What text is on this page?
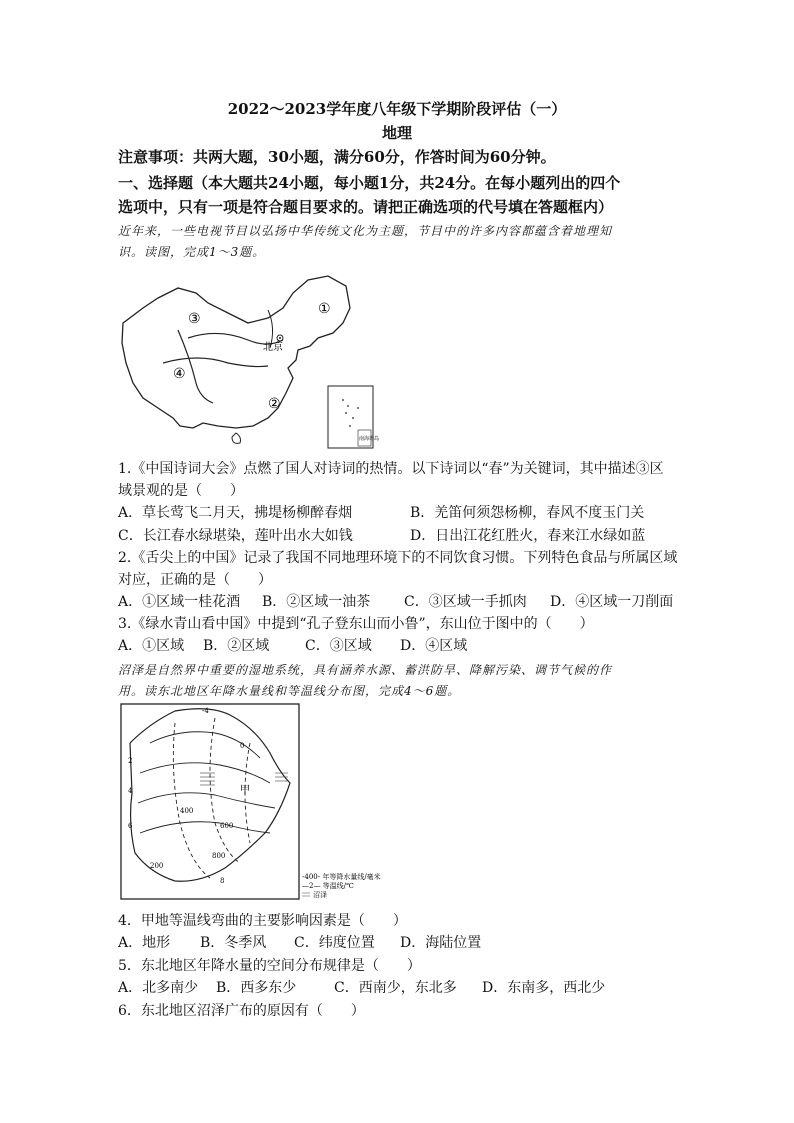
2022～2023学年度八年级下学期阶段评估（一）
地理
注意事项：共两大题，30小题，满分60分，作答时间为60分钟。
一、选择题（本大题共24小题，每小题1分，共24分。在每小题列出的四个
选项中，只有一项是符合题目要求的。请把正确选项的代号填在答题框内）
近年来，一些电视节目以弘扬中华传统文化为主题，节目中的许多内容都蕴含着地理知
识。读图，完成1～3题。
①
②
③
④
北京
南海诸岛
1.《中国诗词大会》点燃了国人对诗词的热情。以下诗词以“春”为关键词，其中描述③区
域景观的是（　　）
A．草长莺飞二月天，拂堤杨柳醉春烟	B．羌笛何须怨杨柳，春风不度玉门关
C．长江春水绿堪染，莲叶出水大如钱	D．日出江花红胜火，春来江水绿如蓝
2.《舌尖上的中国》记录了我国不同地理环境下的不同饮食习惯。下列特色食品与所属区域
对应，正确的是（　　）
A．①区域一桂花酒 B．②区域一油茶 C．③区域一手抓肉 D．④区域一刀削面
3.《绿水青山看中国》中提到“孔子登东山而小鲁”，东山位于图中的（　　）
A．①区域 B．②区域	C．③区域 D．④区域
沼泽是自然界中重要的湿地系统，具有涵养水源、蓄洪防旱、降解污染、调节气候的作
用。读东北地区年降水量线和等温线分布图，完成4～6题。
甲
-4
0
2
4
6
8
400
600
800
200
-400- 年等降水量线/毫米
—2— 等温线/℃
沼泽
4．甲地等温线弯曲的主要影响因素是（　　）
A．地形 B．冬季风 C．纬度位置 D．海陆位置
5．东北地区年降水量的空间分布规律是（　　）
A．北多南少 B．西多东少	C．西南少，东北多 D．东南多，西北少
6．东北地区沼泽广布的原因有（　　）
